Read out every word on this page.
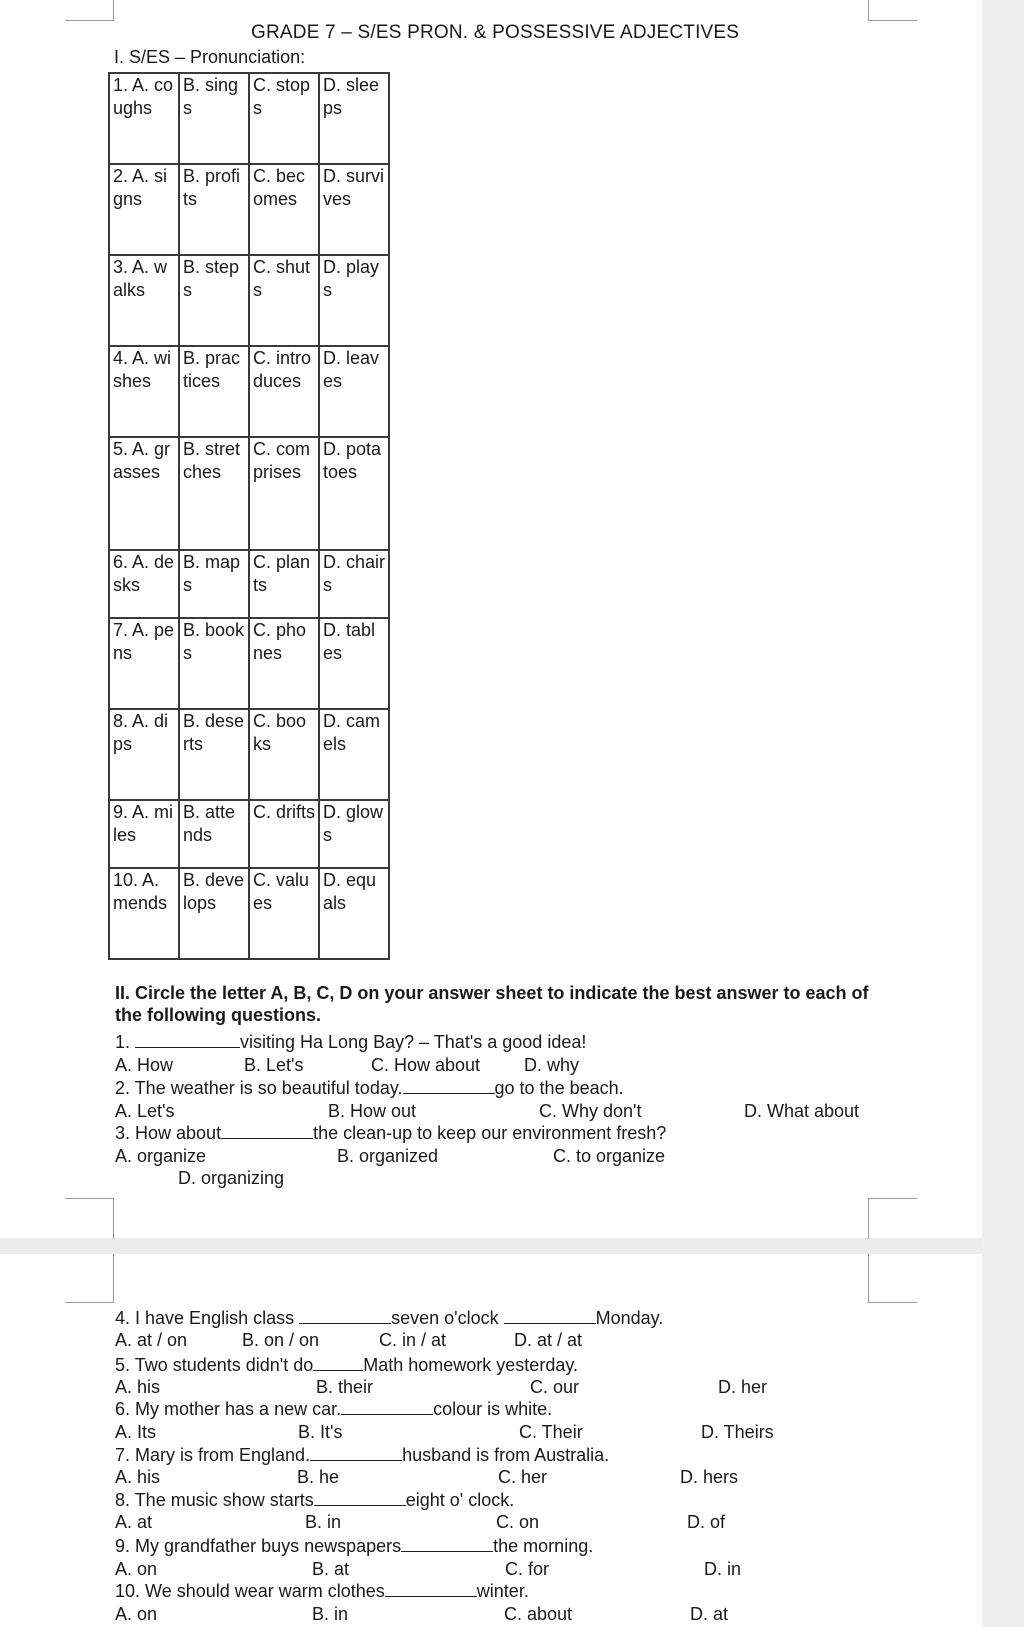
GRADE 7 – S/ES PRON. & POSSESSIVE ADJECTIVES
I. S/ES – Pronunciation:
1. A. coughs	B. sings	C. stops	D. sleeps
2. A. signs	B. profits	C. becomes	D. survives
3. A. walks	B. steps	C. shuts	D. plays
4. A. wishes	B. practices	C. introduces	D. leaves
5. A. grasses	B. stretches	C. comprises	D. potatoes
6. A. desks	B. maps	C. plants	D. chairs
7. A. pens	B. books	C. phones	D. tables
8. A. dips	B. deserts	C. books	D. camels
9. A. miles	B. attends	C. drifts	D. glows
10. A. mends	B. develops	C. values	D. equals
II. Circle the letter A, B, C, D on your answer sheet to indicate the best answer to each of the following questions.
1.	visiting Ha Long Bay? – That's a good idea!
A. How	B. Let's	C. How about D. why
2. The weather is so beautiful today.	go to the beach.
A. Let's	B. How out	C. Why don't	D. What about
3. How about	the clean-up to keep our environment fresh?
A. organize	B. organized	C. to organize
D. organizing
4. I have English class	seven o'clock	Monday.
A. at / on	B. on / on	C. in / at	D. at / at
5. Two students didn't do	Math homework yesterday.
A. his	B. their	C. our	D. her
6. My mother has a new car.	colour is white.
A. Its	B. It's	C. Their	D. Theirs
7. Mary is from England.	husband is from Australia.
A. his	B. he	C. her	D. hers
8. The music show starts	eight o' clock.
A. at	B. in	C. on	D. of
9. My grandfather buys newspapers	the morning.
A. on	B. at	C. for	D. in
10. We should wear warm clothes	winter.
A. on	B. in	C. about	D. at
